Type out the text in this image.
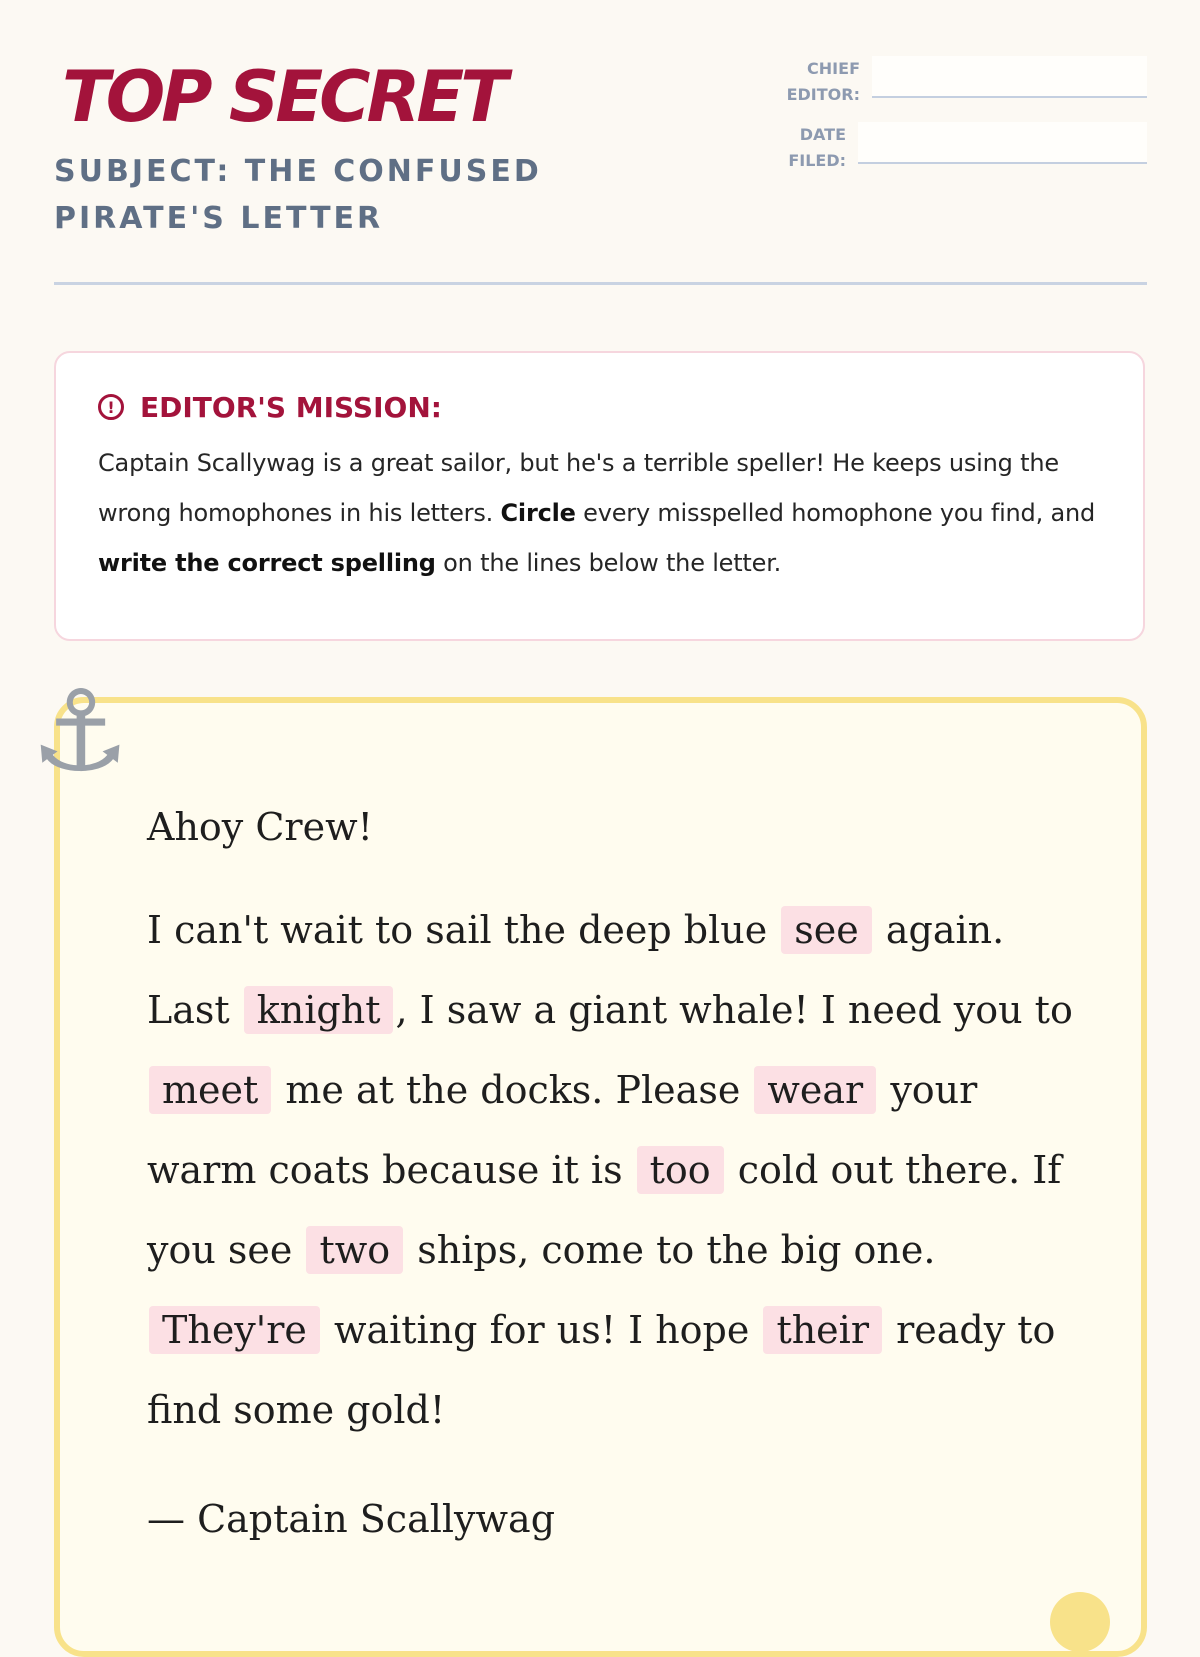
TOP SECRET
SUBJECT: THE CONFUSED
PIRATE'S LETTER
CHIEF
EDITOR:
DATE
FILED:
! EDITOR'S MISSION:
Captain Scallywag is a great sailor, but he's a terrible speller! He keeps using the wrong homophones in his letters. Circle every misspelled homophone you find, and write the correct spelling on the lines below the letter.
Ahoy Crew!
I can't wait to sail the deep blue see again. Last knight , I saw a giant whale! I need you to meet me at the docks. Please wear your warm coats because it is too cold out there. If you see two ships, come to the big one. They're waiting for us! I hope their ready to find some gold!
— Captain Scallywag
⚓
